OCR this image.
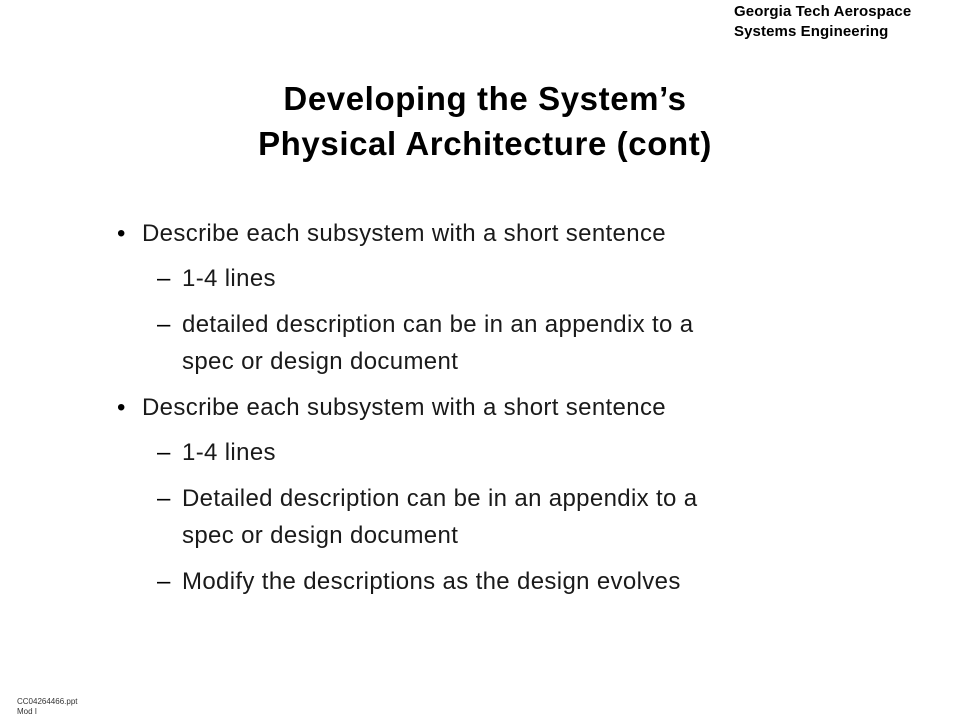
Georgia Tech Aerospace
Systems Engineering
Developing the System’s
Physical Architecture (cont)
• Describe each subsystem with a short sentence
– 1-4 lines
– detailed description can be in an appendix to a
spec or design document
• Describe each subsystem with a short sentence
– 1-4 lines
– Detailed description can be in an appendix to a
spec or design document
– Modify the descriptions as the design evolves
CC04264466.ppt
Mod I
